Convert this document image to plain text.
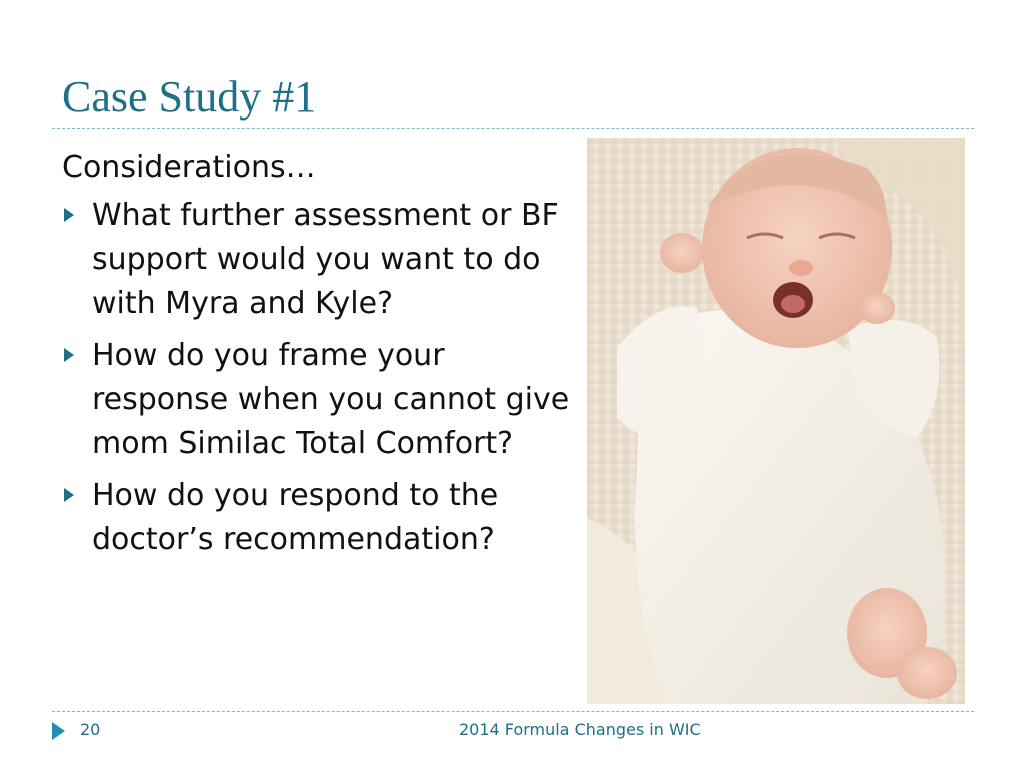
Case Study #1
Considerations…
What further assessment or BF support would you want to do with Myra and Kyle?
How do you frame your response when you cannot give mom Similac Total Comfort?
How do you respond to the doctor’s recommendation?
20	2014 Formula Changes in WIC
